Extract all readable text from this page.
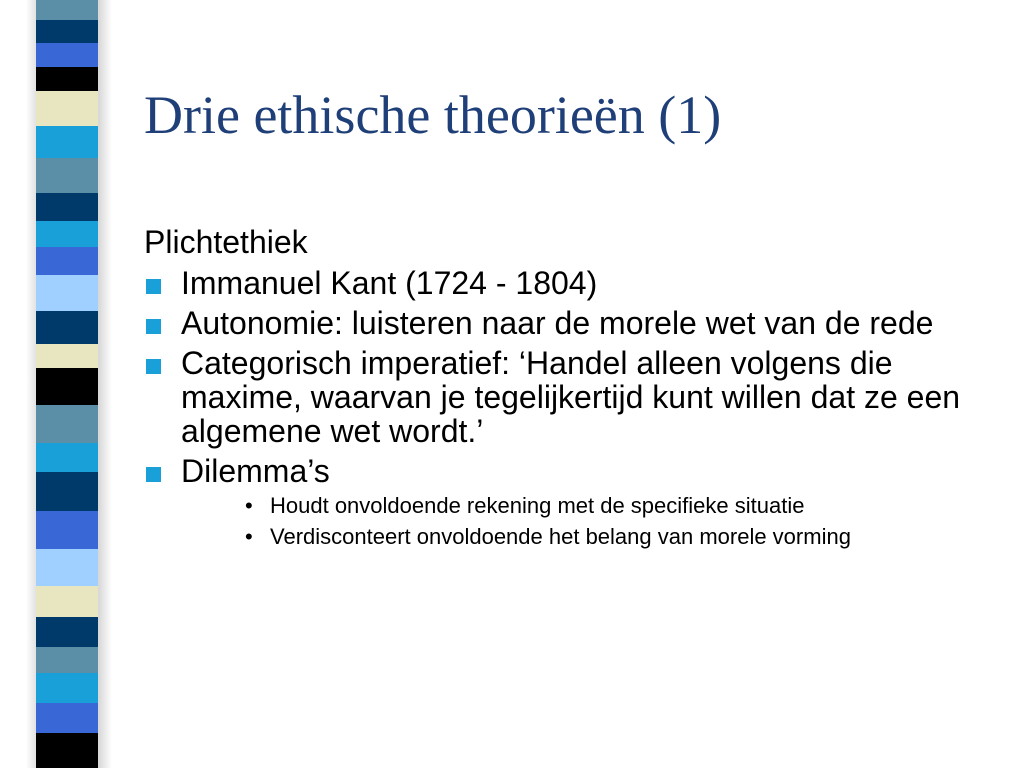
Drie ethische theorieën (1)
Plichtethiek
Immanuel Kant (1724 - 1804)
Autonomie: luisteren naar de morele wet van de rede
Categorisch imperatief: ‘Handel alleen volgens die maxime, waarvan je tegelijkertijd kunt willen dat ze een algemene wet wordt.’
Dilemma’s
• Houdt onvoldoende rekening met de specifieke situatie
• Verdisconteert onvoldoende het belang van morele vorming
